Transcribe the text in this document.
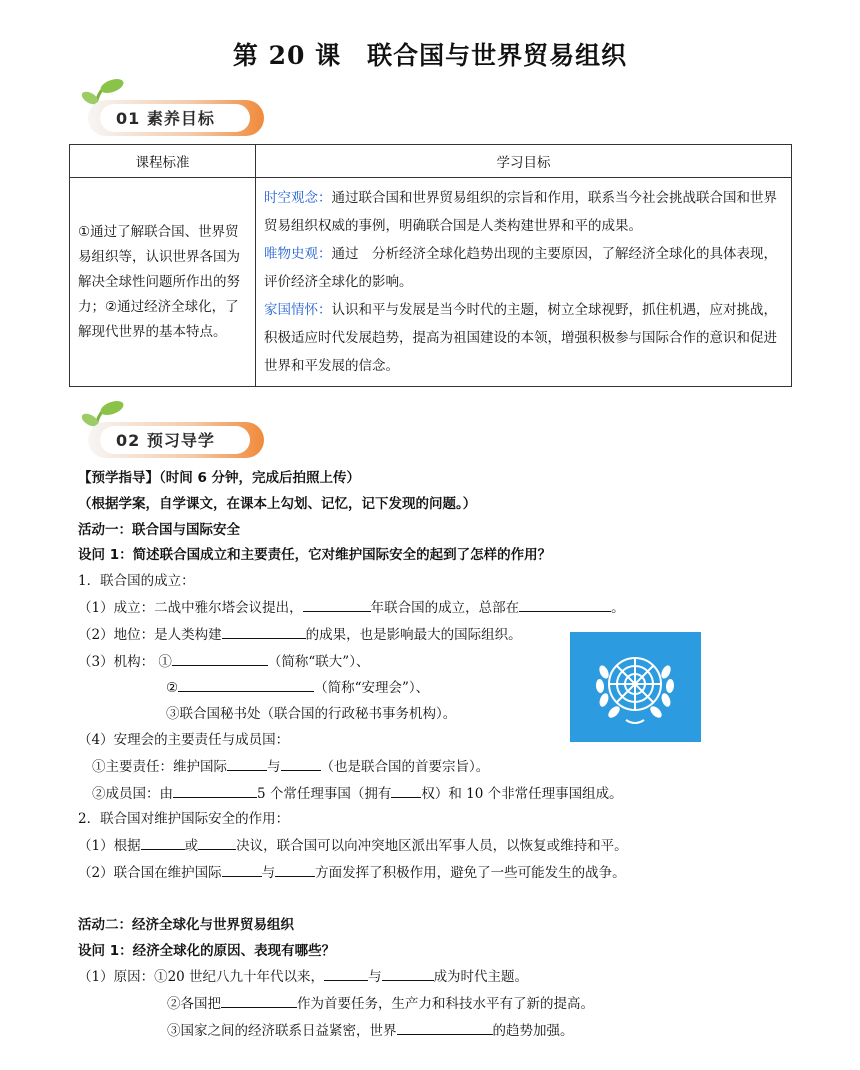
第 20 课　联合国与世界贸易组织
01 素养目标
课程标准	学习目标
①通过了解联合国、世界贸易组织等，认识世界各国为解决全球性问题所作出的努力；②通过经济全球化，了解现代世界的基本特点。	时空观念：通过联合国和世界贸易组织的宗旨和作用，联系当今社会挑战联合国和世界贸易组织权威的事例，明确联合国是人类构建世界和平的成果。
唯物史观：通过　分析经济全球化趋势出现的主要原因，了解经济全球化的具体表现，评价经济全球化的影响。
家国情怀：认识和平与发展是当今时代的主题，树立全球视野，抓住机遇，应对挑战，积极适应时代发展趋势，提高为祖国建设的本领，增强积极参与国际合作的意识和促进世界和平发展的信念。
02 预习导学
【预学指导】（时间 6 分钟，完成后拍照上传）
（根据学案，自学课文，在课本上勾划、记忆，记下发现的问题。）
活动一：联合国与国际安全
设问 1：简述联合国成立和主要责任，它对维护国际安全的起到了怎样的作用？
1．联合国的成立：
（1）成立：二战中雅尔塔会议提出，	年联合国的成立，总部在	。
（2）地位：是人类构建	的成果，也是影响最大的国际组织。
（3）机构： ①	（简称“联大”）、
②	（简称“安理会”）、
③联合国秘书处（联合国的行政秘书事务机构）。
（4）安理会的主要责任与成员国：
①主要责任：维护国际	与	（也是联合国的首要宗旨）。
②成员国：由	5 个常任理事国（拥有 权）和 10 个非常任理事国组成。
2．联合国对维护国际安全的作用：
（1）根据	或	决议，联合国可以向冲突地区派出军事人员，以恢复或维持和平。
（2）联合国在维护国际	与	方面发挥了积极作用，避免了一些可能发生的战争。
活动二：经济全球化与世界贸易组织
设问 1：经济全球化的原因、表现有哪些？
（1）原因：①20 世纪八九十年代以来，	与	成为时代主题。
②各国把	作为首要任务，生产力和科技水平有了新的提高。
③国家之间的经济联系日益紧密，世界	的趋势加强。
